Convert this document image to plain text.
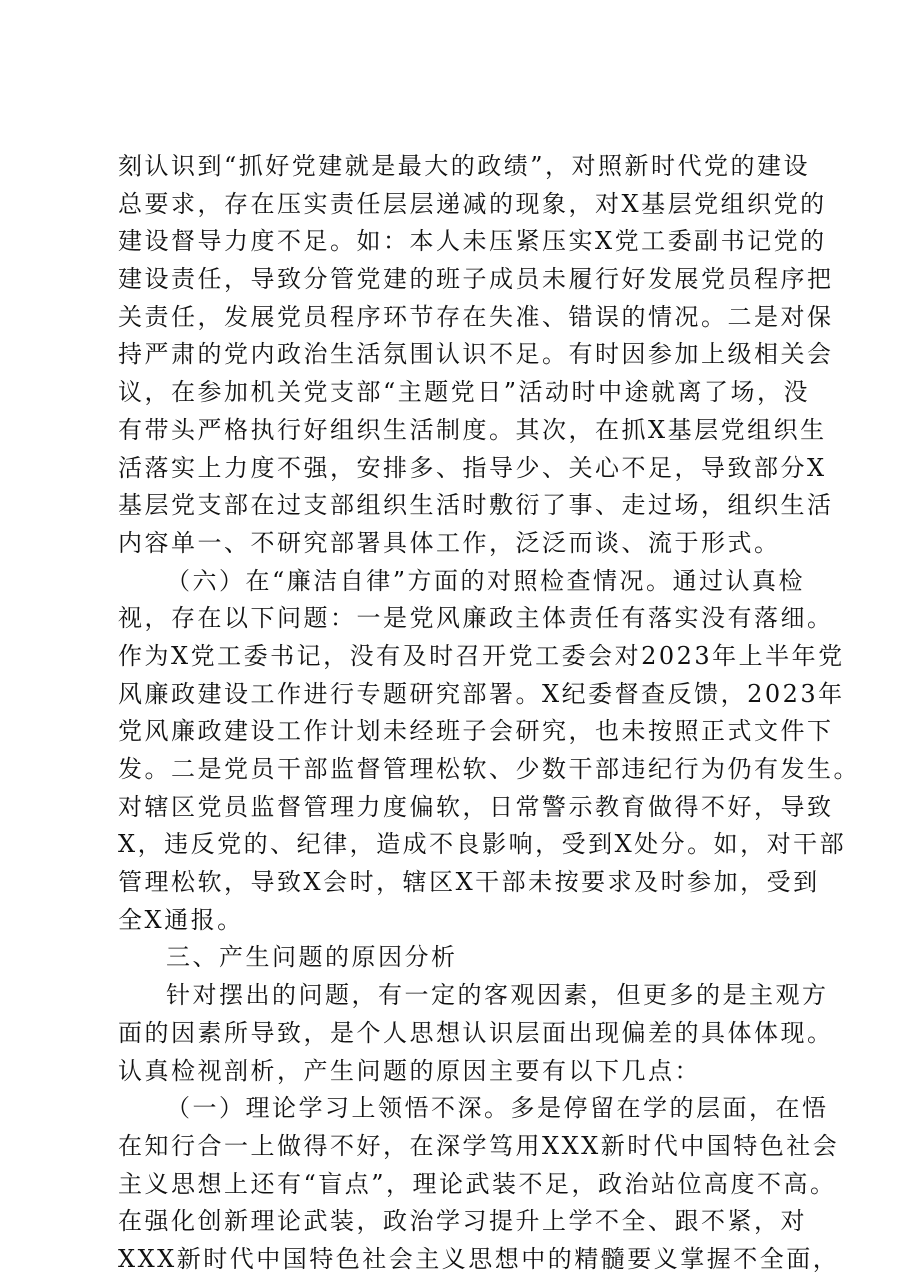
刻认识到“抓好党建就是最大的政绩”，对照新时代党的建设
总要求，存在压实责任层层递减的现象，对X基层党组织党的
建设督导力度不足。如：本人未压紧压实X党工委副书记党的
建设责任，导致分管党建的班子成员未履行好发展党员程序把
关责任，发展党员程序环节存在失准、错误的情况。二是对保
持严肃的党内政治生活氛围认识不足。有时因参加上级相关会
议，在参加机关党支部“主题党日”活动时中途就离了场，没
有带头严格执行好组织生活制度。其次，在抓X基层党组织生
活落实上力度不强，安排多、指导少、关心不足，导致部分X
基层党支部在过支部组织生活时敷衍了事、走过场，组织生活
内容单一、不研究部署具体工作，泛泛而谈、流于形式。
（六）在“廉洁自律”方面的对照检查情况。通过认真检
视，存在以下问题：一是党风廉政主体责任有落实没有落细。
作为X党工委书记，没有及时召开党工委会对2023年上半年党
风廉政建设工作进行专题研究部署。X纪委督查反馈，2023年
党风廉政建设工作计划未经班子会研究，也未按照正式文件下
发。二是党员干部监督管理松软、少数干部违纪行为仍有发生。
对辖区党员监督管理力度偏软，日常警示教育做得不好，导致
X，违反党的、纪律，造成不良影响，受到X处分。如，对干部
管理松软，导致X会时，辖区X干部未按要求及时参加，受到
全X通报。
三、产生问题的原因分析
针对摆出的问题，有一定的客观因素，但更多的是主观方
面的因素所导致，是个人思想认识层面出现偏差的具体体现。
认真检视剖析，产生问题的原因主要有以下几点：
（一）理论学习上领悟不深。多是停留在学的层面，在悟
在知行合一上做得不好，在深学笃用XXX新时代中国特色社会
主义思想上还有“盲点”，理论武装不足，政治站位高度不高。
在强化创新理论武装，政治学习提升上学不全、跟不紧，对
XXX新时代中国特色社会主义思想中的精髓要义掌握不全面，
